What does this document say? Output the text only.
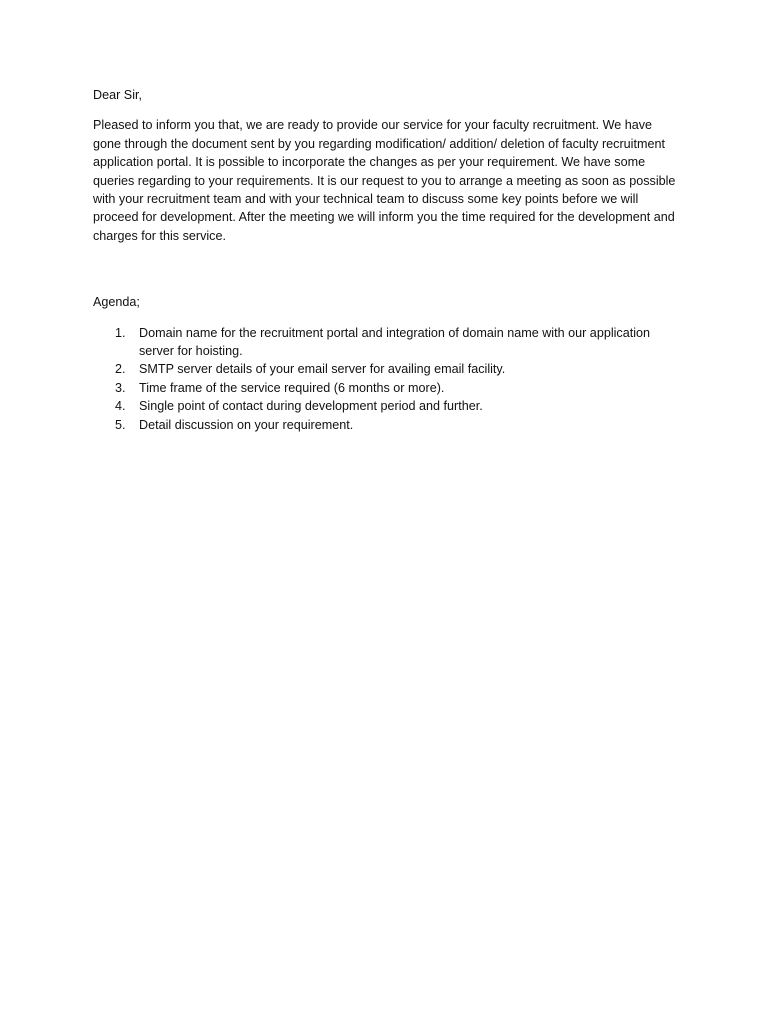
Dear Sir,

Pleased to inform you that, we are ready to provide our service for your faculty recruitment. We have gone through the document sent by you regarding modification/ addition/ deletion of faculty recruitment application portal. It is possible to incorporate the changes as per your requirement. We have some queries regarding to your requirements. It is our request to you to arrange a meeting as soon as possible with your recruitment team and with your technical team to discuss some key points before we will proceed for development. After the meeting we will inform you the time required for the development and charges for this service.

Agenda;

1.	Domain name for the recruitment portal and integration of domain name with our application server for hoisting.
2.	SMTP server details of your email server for availing email facility.
3.	Time frame of the service required (6 months or more).
4.	Single point of contact during development period and further.
5.	Detail discussion on your requirement.
